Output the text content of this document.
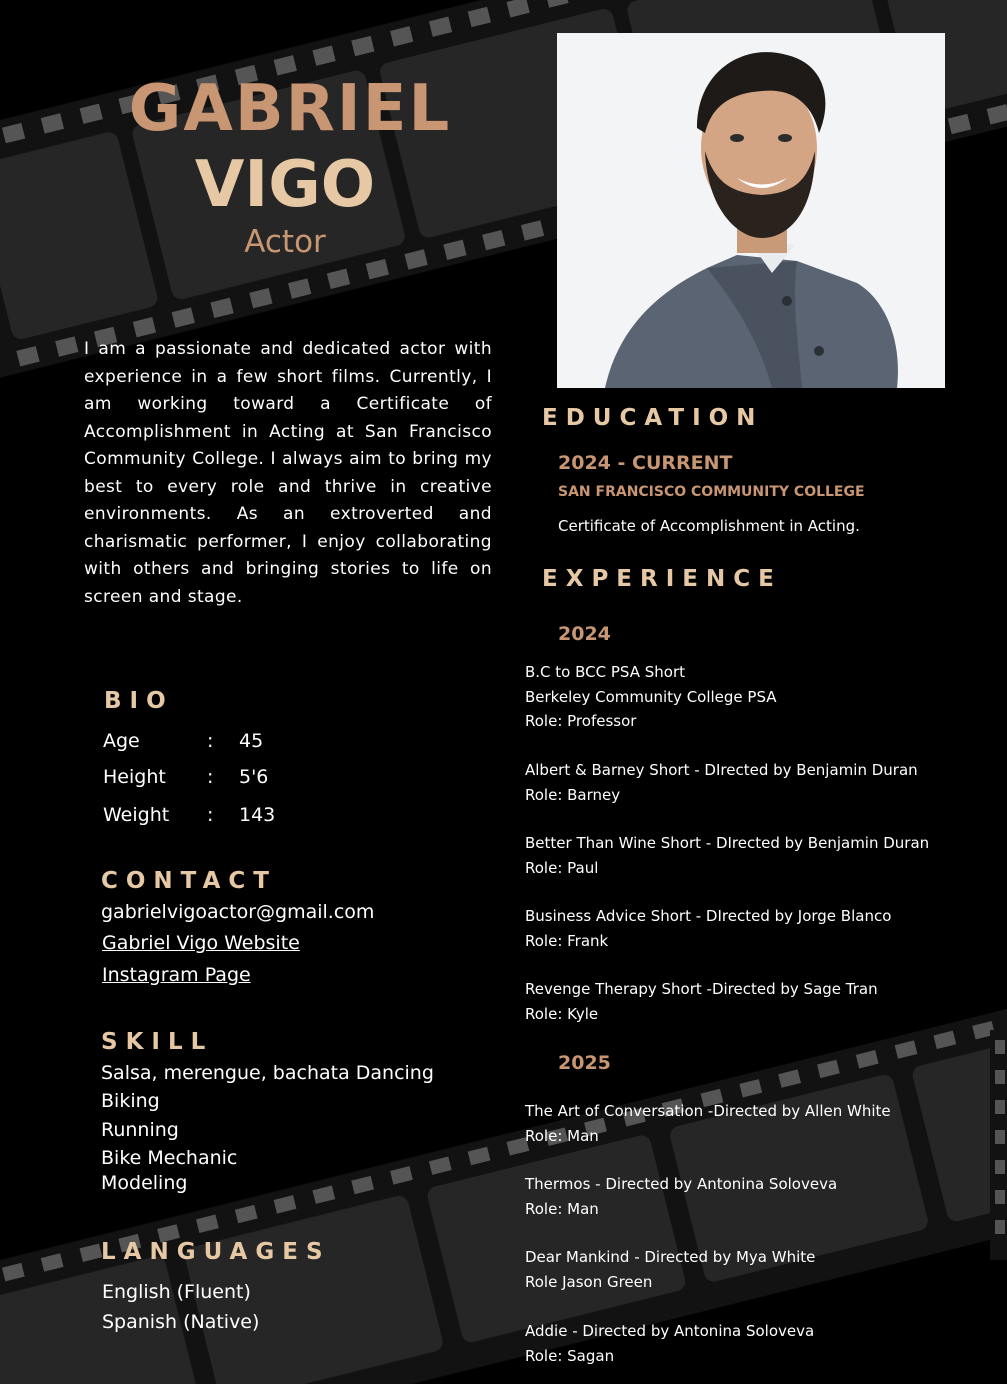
GABRIEL
VIGO
Actor
I am a passionate and dedicated actor with experience in a few short films. Currently, I am working toward a Certificate of Accomplishment in Acting at San Francisco Community College. I always aim to bring my best to every role and thrive in creative environments. As an extroverted and charismatic performer, I enjoy collaborating with others and bringing stories to life on screen and stage.
BIO
Age	: 45
Height : 5'6
Weight : 143
CONTACT
gabrielvigoactor@gmail.com
Gabriel Vigo Website
Instagram Page
SKILL
Salsa, merengue, bachata Dancing
Biking
Running
Bike Mechanic
Modeling
LANGUAGES
English (Fluent)
Spanish (Native)
EDUCATION
2024 - CURRENT
SAN FRANCISCO COMMUNITY COLLEGE
Certificate of Accomplishment in Acting.
EXPERIENCE
2024
B.C to BCC PSA Short
Berkeley Community College PSA
Role: Professor
Albert & Barney Short - DIrected by Benjamin Duran
Role: Barney
Better Than Wine Short - DIrected by Benjamin Duran
Role: Paul
Business Advice Short - DIrected by Jorge Blanco
Role: Frank
Revenge Therapy Short -Directed by Sage Tran
Role: Kyle
2025
The Art of Conversation -Directed by Allen White
Role: Man
Thermos - Directed by Antonina Soloveva
Role: Man
Dear Mankind - Directed by Mya White
Role Jason Green
Addie - Directed by Antonina Soloveva
Role: Sagan
